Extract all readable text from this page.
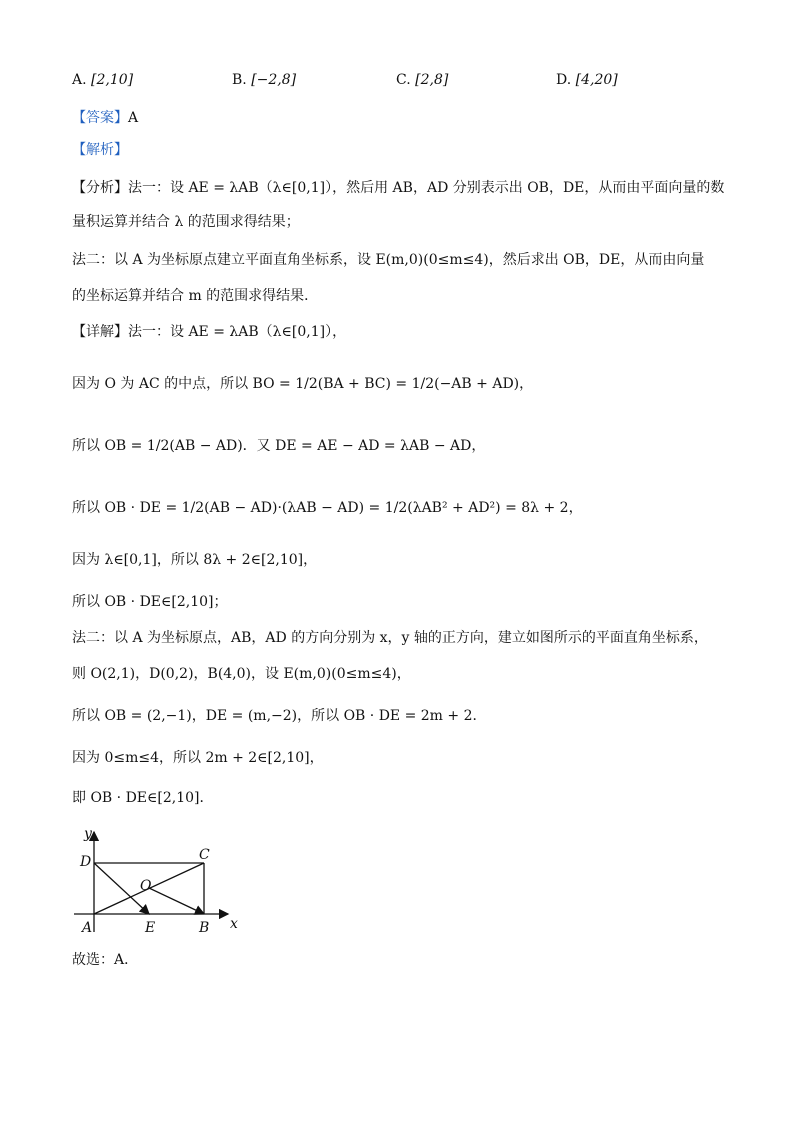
A. [2,10]	B. [−2,8]	C. [2,8]	D. [4,20]
【答案】A
【解析】
【分析】法一：设 AE = λAB（λ∈[0,1]），然后用 AB，AD 分别表示出 OB，DE，从而由平面向量的数
量积运算并结合 λ 的范围求得结果；
法二：以 A 为坐标原点建立平面直角坐标系，设 E(m,0)(0≤m≤4)，然后求出 OB，DE，从而由向量
的坐标运算并结合 m 的范围求得结果．
【详解】法一：设 AE = λAB（λ∈[0,1]），
因为 O 为 AC 的中点，所以 BO = 1/2(BA + BC) = 1/2(−AB + AD)，
所以 OB = 1/2(AB − AD)．又 DE = AE − AD = λAB − AD，
所以 OB · DE = 1/2(AB − AD)·(λAB − AD) = 1/2(λAB² + AD²) = 8λ + 2，
因为 λ∈[0,1]，所以 8λ + 2∈[2,10]，
所以 OB · DE∈[2,10]；
法二：以 A 为坐标原点，AB，AD 的方向分别为 x，y 轴的正方向，建立如图所示的平面直角坐标系，
则 O(2,1)，D(0,2)，B(4,0)，设 E(m,0)(0≤m≤4)，
所以 OB = (2,−1)，DE = (m,−2)，所以 OB · DE = 2m + 2．
因为 0≤m≤4，所以 2m + 2∈[2,10]，
即 OB · DE∈[2,10]．
y
x
D	C
O
A	E	B
故选：A．
